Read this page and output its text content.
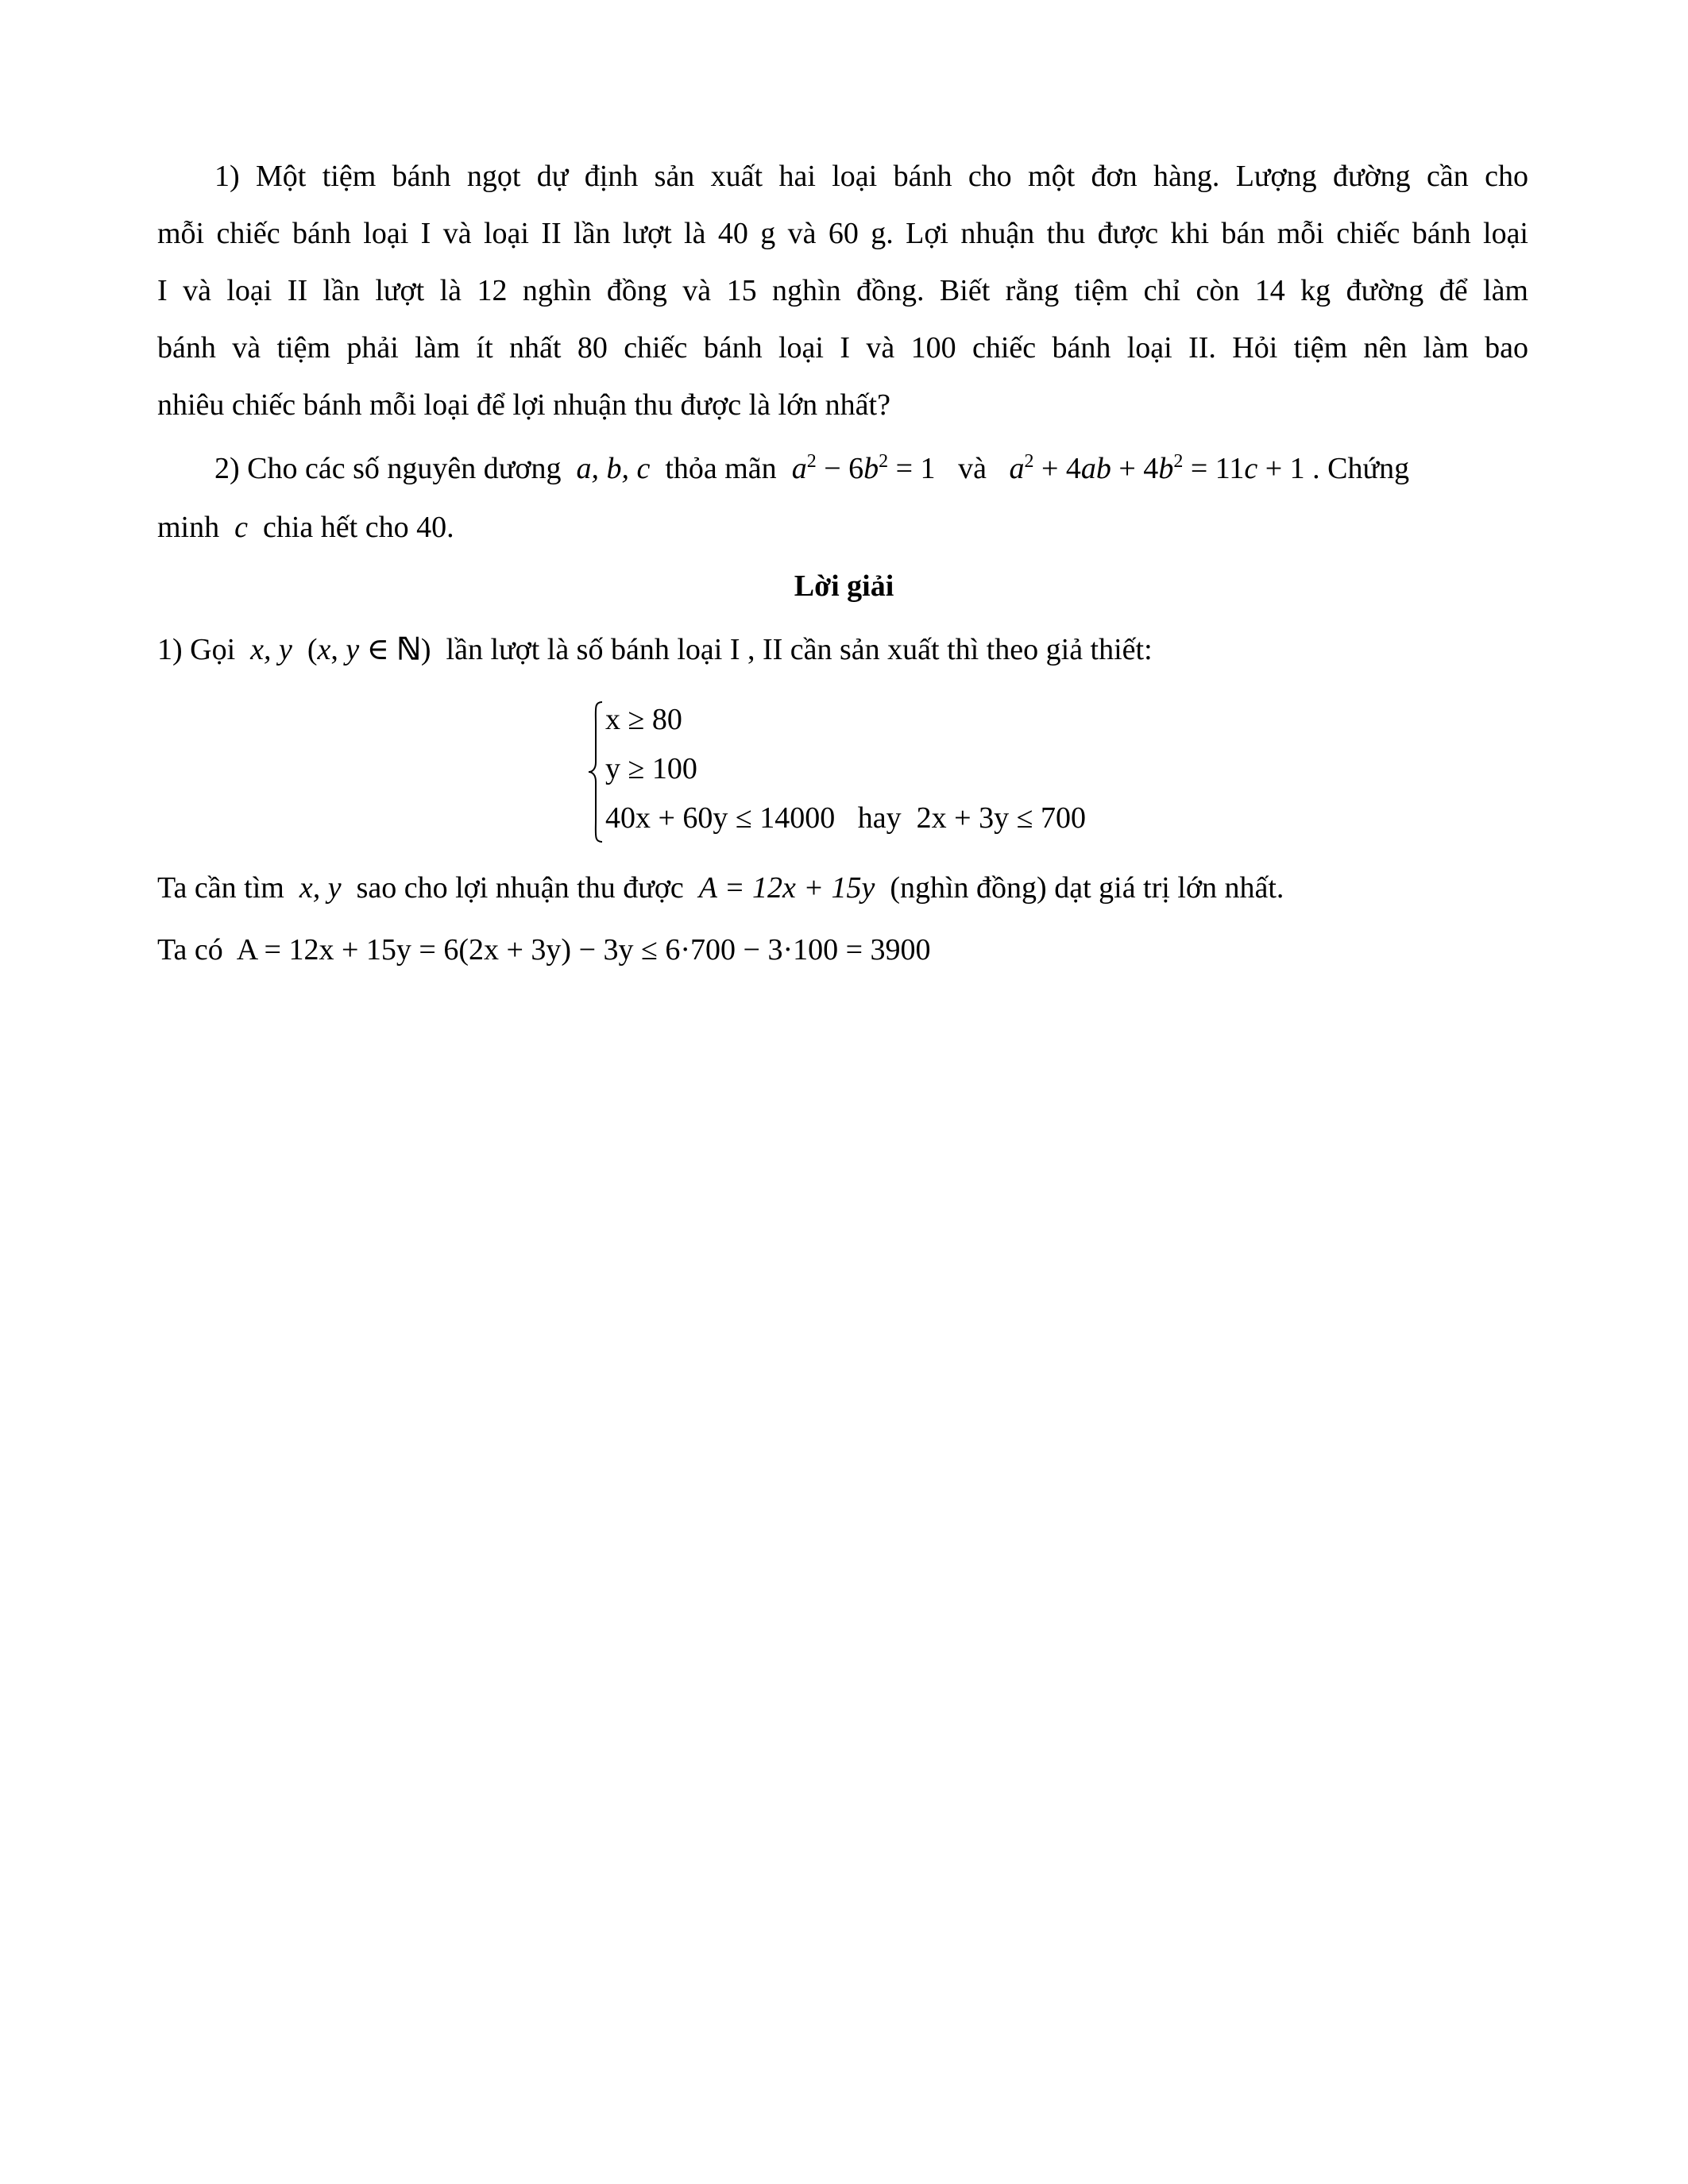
1) Một tiệm bánh ngọt dự định sản xuất hai loại bánh cho một đơn hàng. Lượng đường cần cho
mỗi chiếc bánh loại I và loại II lần lượt là 40 g và 60 g. Lợi nhuận thu được khi bán mỗi chiếc bánh loại
I và loại II lần lượt là 12 nghìn đồng và 15 nghìn đồng. Biết rằng tiệm chỉ còn 14 kg đường để làm
bánh và tiệm phải làm ít nhất 80 chiếc bánh loại I và 100 chiếc bánh loại II. Hỏi tiệm nên làm bao
nhiêu chiếc bánh mỗi loại để lợi nhuận thu được là lớn nhất?
2) Cho các số nguyên dương a, b, c thỏa mãn $a^2 - 6b^2 = 1$ và $a^2 + 4ab + 4b^2 = 11c + 1$ . Chứng
minh c chia hết cho 40.
Lời giải
1) Gọi x, y (x, y ∈ ℕ) lần lượt là số bánh loại I , II cần sản xuất thì theo giả thiết:
x ≥ 80
y ≥ 100
40x + 60y ≤ 14000 hay 2x + 3y ≤ 700
Ta cần tìm x, y sao cho lợi nhuận thu được A = 12x + 15y (nghìn đồng) dạt giá trị lớn nhất.
Ta có A = 12x + 15y = 6(2x + 3y) − 3y ≤ 6·700 − 3·100 = 3900
